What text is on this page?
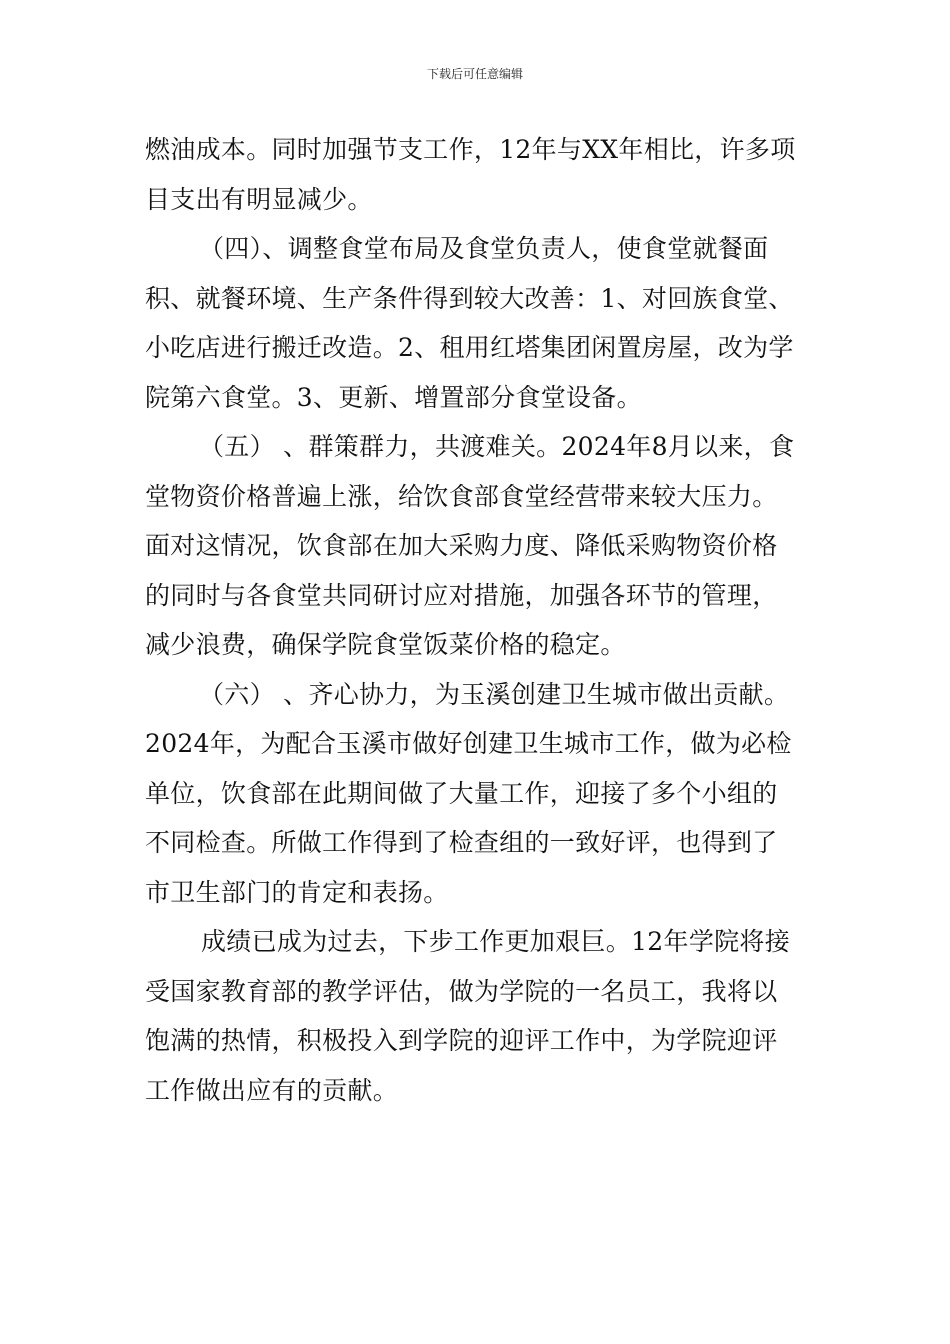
下载后可任意编辑
燃油成本。同时加强节支工作，12年与XX年相比，许多项
目支出有明显减少。
（四）、调整食堂布局及食堂负责人，使食堂就餐面
积、就餐环境、生产条件得到较大改善：1、对回族食堂、
小吃店进行搬迁改造。2、租用红塔集团闲置房屋，改为学
院第六食堂。3、更新、增置部分食堂设备。
（五） 、群策群力，共渡难关。2024年8月以来，食
堂物资价格普遍上涨，给饮食部食堂经营带来较大压力。
面对这情况，饮食部在加大采购力度、降低采购物资价格
的同时与各食堂共同研讨应对措施，加强各环节的管理，
减少浪费，确保学院食堂饭菜价格的稳定。
（六） 、齐心协力，为玉溪创建卫生城市做出贡献。
2024年，为配合玉溪市做好创建卫生城市工作，做为必检
单位，饮食部在此期间做了大量工作，迎接了多个小组的
不同检查。所做工作得到了检查组的一致好评，也得到了
市卫生部门的肯定和表扬。
成绩已成为过去，下步工作更加艰巨。12年学院将接
受国家教育部的教学评估，做为学院的一名员工，我将以
饱满的热情，积极投入到学院的迎评工作中，为学院迎评
工作做出应有的贡献。
